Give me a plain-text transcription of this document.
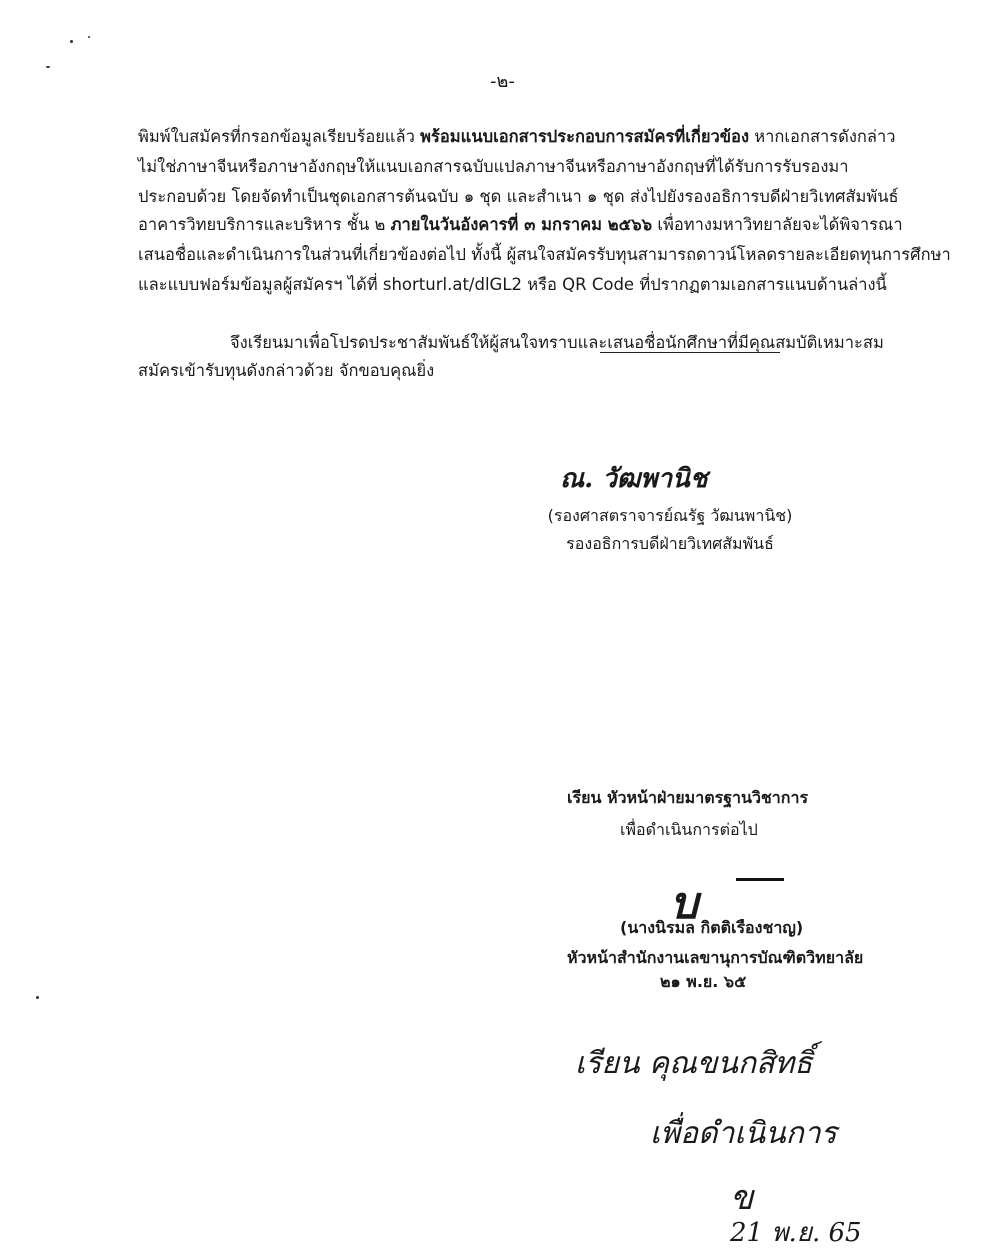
-๒-
พิมพ์ใบสมัครที่กรอกข้อมูลเรียบร้อยแล้ว พร้อมแนบเอกสารประกอบการสมัครที่เกี่ยวข้อง หากเอกสารดังกล่าว
ไม่ใช่ภาษาจีนหรือภาษาอังกฤษให้แนบเอกสารฉบับแปลภาษาจีนหรือภาษาอังกฤษที่ได้รับการรับรองมา
ประกอบด้วย โดยจัดทำเป็นชุดเอกสารต้นฉบับ ๑ ชุด และสำเนา ๑ ชุด ส่งไปยังรองอธิการบดีฝ่ายวิเทศสัมพันธ์
อาคารวิทยบริการและบริหาร ชั้น ๒ ภายในวันอังคารที่ ๓ มกราคม ๒๕๖๖ เพื่อทางมหาวิทยาลัยจะได้พิจารณา
เสนอชื่อและดำเนินการในส่วนที่เกี่ยวข้องต่อไป ทั้งนี้ ผู้สนใจสมัครรับทุนสามารถดาวน์โหลดรายละเอียดทุนการศึกษา
และแบบฟอร์มข้อมูลผู้สมัครฯ ได้ที่ shorturl.at/dlGL2 หรือ QR Code ที่ปรากฏตามเอกสารแนบด้านล่างนี้
จึงเรียนมาเพื่อโปรดประชาสัมพันธ์ให้ผู้สนใจทราบและเสนอชื่อนักศึกษาที่มีคุณสมบัติเหมาะสม
สมัครเข้ารับทุนดังกล่าวด้วย จักขอบคุณยิ่ง
ณ. วัฒพานิช
(รองศาสตราจารย์ณรัฐ วัฒนพานิช)
รองอธิการบดีฝ่ายวิเทศสัมพันธ์
เรียน หัวหน้าฝ่ายมาตรฐานวิชาการ
เพื่อดำเนินการต่อไป
บ
(นางนิรมล กิตติเรืองชาญ)
หัวหน้าสำนักงานเลขานุการบัณฑิตวิทยาลัย
๒๑ พ.ย. ๖๕
เรียน คุณขนกสิทธิ์
เพื่อดำเนินการ
ข
21 พ.ย. 65
